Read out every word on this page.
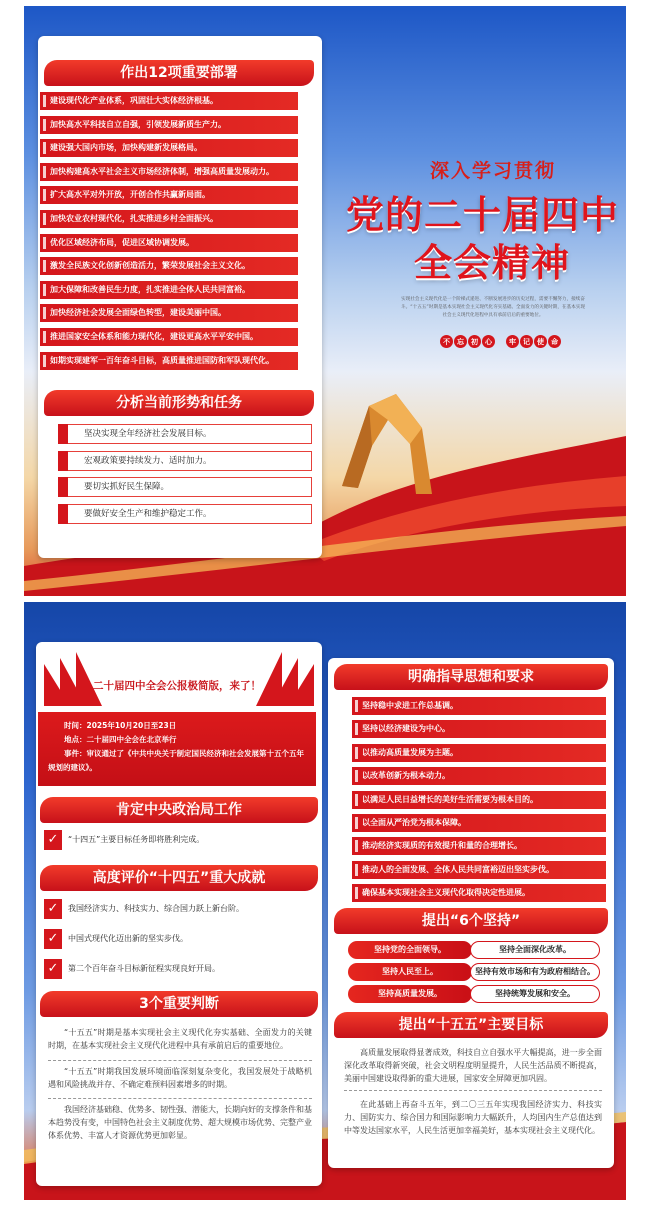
作出12项重要部署
分析当前形势和任务
深入学习贯彻
党的二十届四中
全会精神
实现社会主义现代化是一个阶梯式递进、不断发展进步的历史过程，需要不懈努力，接续奋斗。“十五五”时期是基本实现社会主义现代化夯实基础、全面发力的关键时期，在基本实现社会主义现代化进程中具有承前启后的重要地位。
不 忘 初 心	牢 记 使 命
二十届四中全会公报极简版，来了！
时间：2025年10月20日至23日
地点：二十届四中全会在北京举行
事件：审议通过了《中共中央关于制定国民经济和社会发展第十五个五年
规划的建议》。
肯定中央政治局工作
高度评价“十四五”重大成就
3个重要判断
“十五五”时期是基本实现社会主义现代化夯实基础、全面发力的关键时期，在基本实现社会主义现代化进程中具有承前启后的重要地位。
“十五五”时期我国发展环境面临深刻复杂变化，我国发展处于战略机遇和风险挑战并存、不确定难预料因素增多的时期。
我国经济基础稳、优势多、韧性强、潜能大，长期向好的支撑条件和基本趋势没有变，中国特色社会主义制度优势、超大规模市场优势、完整产业体系优势、丰富人才资源优势更加彰显。
明确指导思想和要求
提出“6个坚持”
提出“十五五”主要目标
高质量发展取得显著成效，科技自立自强水平大幅提高，进一步全面深化改革取得新突破，社会文明程度明显提升，人民生活品质不断提高，美丽中国建设取得新的重大进展，国家安全屏障更加巩固。
在此基础上再奋斗五年，到二〇三五年实现我国经济实力、科技实力、国防实力、综合国力和国际影响力大幅跃升，人均国内生产总值达到中等发达国家水平，人民生活更加幸福美好，基本实现社会主义现代化。
建设现代化产业体系，巩固壮大实体经济根基。
加快高水平科技自立自强，引领发展新质生产力。
建设强大国内市场，加快构建新发展格局。
加快构建高水平社会主义市场经济体制，增强高质量发展动力。
扩大高水平对外开放，开创合作共赢新局面。
加快农业农村现代化，扎实推进乡村全面振兴。
优化区域经济布局，促进区域协调发展。
激发全民族文化创新创造活力，繁荣发展社会主义文化。
加大保障和改善民生力度，扎实推进全体人民共同富裕。
加快经济社会发展全面绿色转型，建设美丽中国。
推进国家安全体系和能力现代化，建设更高水平平安中国。
如期实现建军一百年奋斗目标，高质量推进国防和军队现代化。
坚决实现全年经济社会发展目标。
宏观政策要持续发力、适时加力。
要切实抓好民生保障。
要做好安全生产和维护稳定工作。
✓	“十四五”主要目标任务即将胜利完成。
✓	我国经济实力、科技实力、综合国力跃上新台阶。
✓	中国式现代化迈出新的坚实步伐。
✓	第二个百年奋斗目标新征程实现良好开局。
坚持稳中求进工作总基调。
坚持以经济建设为中心。
以推动高质量发展为主题。
以改革创新为根本动力。
以满足人民日益增长的美好生活需要为根本目的。
以全面从严治党为根本保障。
推动经济实现质的有效提升和量的合理增长。
推动人的全面发展、全体人民共同富裕迈出坚实步伐。
确保基本实现社会主义现代化取得决定性进展。
坚持党的全面领导。	坚持全面深化改革。
坚持人民至上。	坚持有效市场和有为政府相结合。
坚持高质量发展。	坚持统筹发展和安全。
